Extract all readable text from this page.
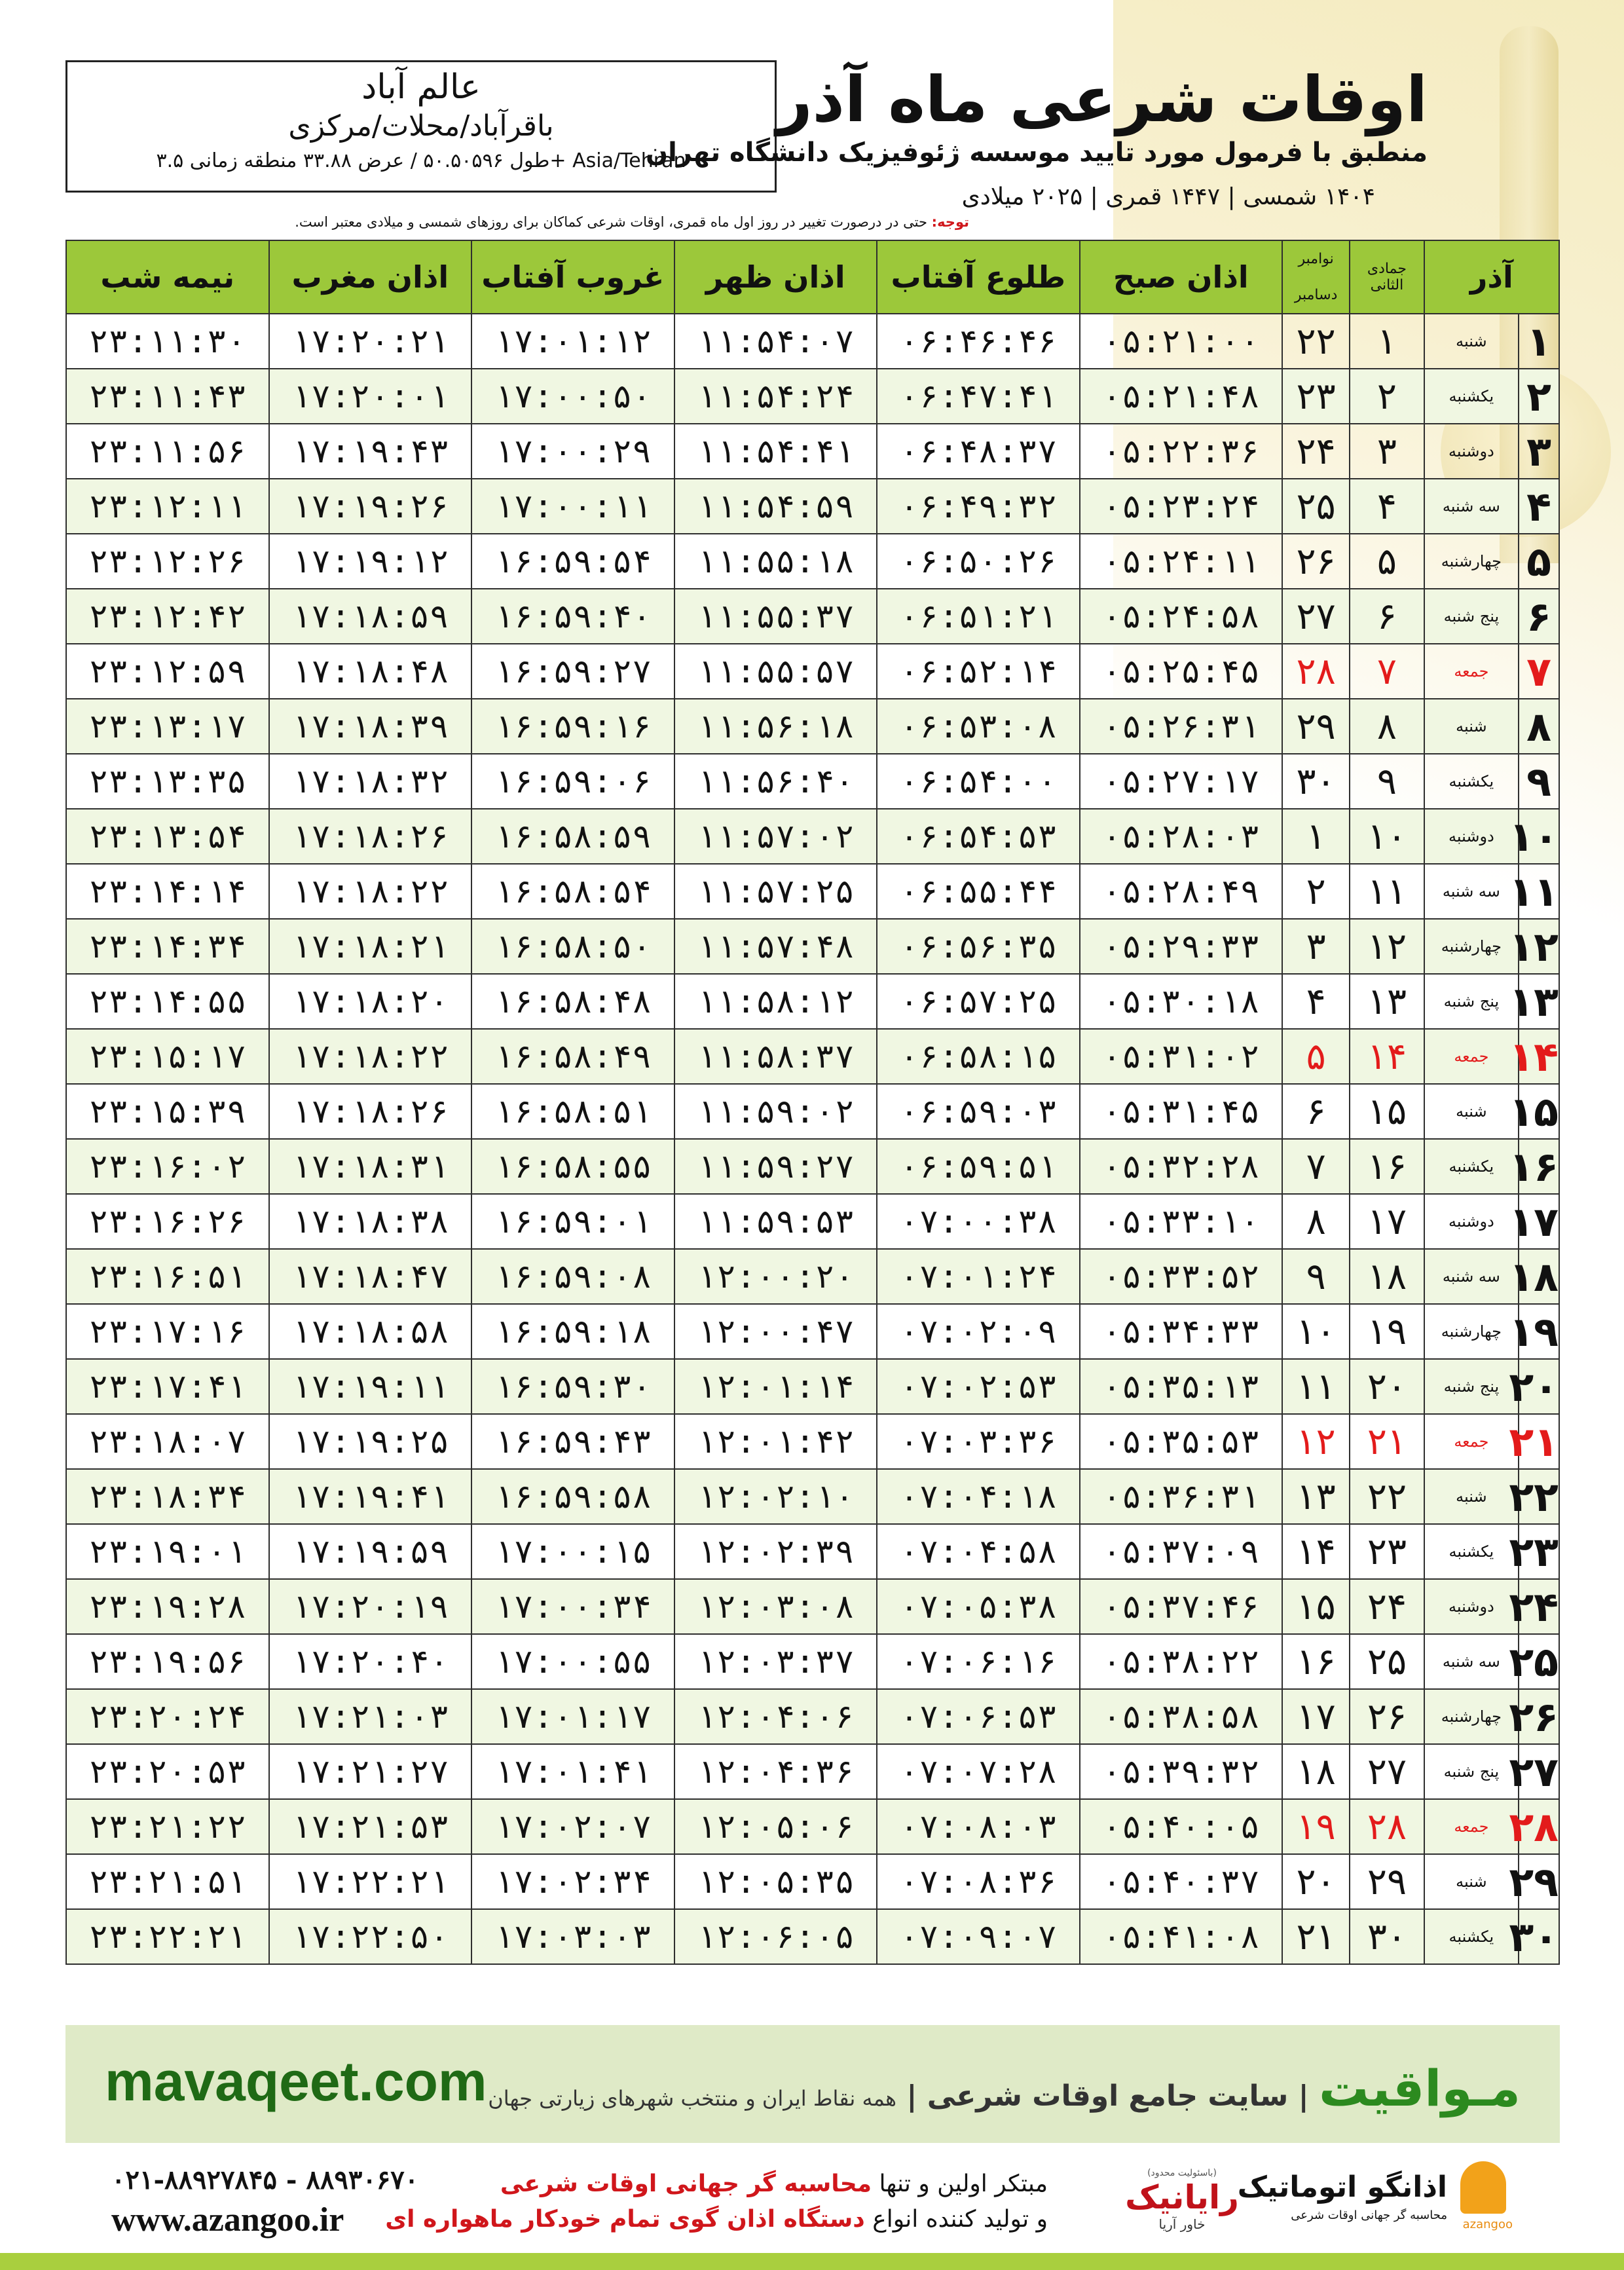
عالم آباد
باقرآباد/محلات/مرکزی
طول ۵۰.۵۰۵۹۶ / عرض ۳۳.۸۸ منطقه زمانی ۳.۵+ Asia/Tehran
اوقات شرعی ماه آذر
منطبق با فرمول مورد تایید موسسه ژئوفیزیک دانشگاه تهران
۱۴۰۴ شمسی | ۱۴۴۷ قمری | ۲۰۲۵ میلادی
توجه: حتی در درصورت تغییر در روز اول ماه قمری، اوقات شرعی کماکان برای روزهای شمسی و میلادی معتبر است.
آذر		جمادی الثانی	نوامبر
دسامبر	اذان صبح	طلوع آفتاب	اذان ظهر	غروب آفتاب	اذان مغرب	نیمه شب
۱	شنبه	۱	۲۲	۰۵:۲۱:۰۰	۰۶:۴۶:۴۶	۱۱:۵۴:۰۷	۱۷:۰۱:۱۲	۱۷:۲۰:۲۱	۲۳:۱۱:۳۰
۲	یکشنبه	۲	۲۳	۰۵:۲۱:۴۸	۰۶:۴۷:۴۱	۱۱:۵۴:۲۴	۱۷:۰۰:۵۰	۱۷:۲۰:۰۱	۲۳:۱۱:۴۳
۳	دوشنبه	۳	۲۴	۰۵:۲۲:۳۶	۰۶:۴۸:۳۷	۱۱:۵۴:۴۱	۱۷:۰۰:۲۹	۱۷:۱۹:۴۳	۲۳:۱۱:۵۶
۴	سه شنبه	۴	۲۵	۰۵:۲۳:۲۴	۰۶:۴۹:۳۲	۱۱:۵۴:۵۹	۱۷:۰۰:۱۱	۱۷:۱۹:۲۶	۲۳:۱۲:۱۱
۵	چهارشنبه	۵	۲۶	۰۵:۲۴:۱۱	۰۶:۵۰:۲۶	۱۱:۵۵:۱۸	۱۶:۵۹:۵۴	۱۷:۱۹:۱۲	۲۳:۱۲:۲۶
۶	پنج شنبه	۶	۲۷	۰۵:۲۴:۵۸	۰۶:۵۱:۲۱	۱۱:۵۵:۳۷	۱۶:۵۹:۴۰	۱۷:۱۸:۵۹	۲۳:۱۲:۴۲
۷	جمعه	۷	۲۸	۰۵:۲۵:۴۵	۰۶:۵۲:۱۴	۱۱:۵۵:۵۷	۱۶:۵۹:۲۷	۱۷:۱۸:۴۸	۲۳:۱۲:۵۹
۸	شنبه	۸	۲۹	۰۵:۲۶:۳۱	۰۶:۵۳:۰۸	۱۱:۵۶:۱۸	۱۶:۵۹:۱۶	۱۷:۱۸:۳۹	۲۳:۱۳:۱۷
۹	یکشنبه	۹	۳۰	۰۵:۲۷:۱۷	۰۶:۵۴:۰۰	۱۱:۵۶:۴۰	۱۶:۵۹:۰۶	۱۷:۱۸:۳۲	۲۳:۱۳:۳۵
۱۰	دوشنبه	۱۰	۱	۰۵:۲۸:۰۳	۰۶:۵۴:۵۳	۱۱:۵۷:۰۲	۱۶:۵۸:۵۹	۱۷:۱۸:۲۶	۲۳:۱۳:۵۴
۱۱	سه شنبه	۱۱	۲	۰۵:۲۸:۴۹	۰۶:۵۵:۴۴	۱۱:۵۷:۲۵	۱۶:۵۸:۵۴	۱۷:۱۸:۲۲	۲۳:۱۴:۱۴
۱۲	چهارشنبه	۱۲	۳	۰۵:۲۹:۳۳	۰۶:۵۶:۳۵	۱۱:۵۷:۴۸	۱۶:۵۸:۵۰	۱۷:۱۸:۲۱	۲۳:۱۴:۳۴
۱۳	پنج شنبه	۱۳	۴	۰۵:۳۰:۱۸	۰۶:۵۷:۲۵	۱۱:۵۸:۱۲	۱۶:۵۸:۴۸	۱۷:۱۸:۲۰	۲۳:۱۴:۵۵
۱۴	جمعه	۱۴	۵	۰۵:۳۱:۰۲	۰۶:۵۸:۱۵	۱۱:۵۸:۳۷	۱۶:۵۸:۴۹	۱۷:۱۸:۲۲	۲۳:۱۵:۱۷
۱۵	شنبه	۱۵	۶	۰۵:۳۱:۴۵	۰۶:۵۹:۰۳	۱۱:۵۹:۰۲	۱۶:۵۸:۵۱	۱۷:۱۸:۲۶	۲۳:۱۵:۳۹
۱۶	یکشنبه	۱۶	۷	۰۵:۳۲:۲۸	۰۶:۵۹:۵۱	۱۱:۵۹:۲۷	۱۶:۵۸:۵۵	۱۷:۱۸:۳۱	۲۳:۱۶:۰۲
۱۷	دوشنبه	۱۷	۸	۰۵:۳۳:۱۰	۰۷:۰۰:۳۸	۱۱:۵۹:۵۳	۱۶:۵۹:۰۱	۱۷:۱۸:۳۸	۲۳:۱۶:۲۶
۱۸	سه شنبه	۱۸	۹	۰۵:۳۳:۵۲	۰۷:۰۱:۲۴	۱۲:۰۰:۲۰	۱۶:۵۹:۰۸	۱۷:۱۸:۴۷	۲۳:۱۶:۵۱
۱۹	چهارشنبه	۱۹	۱۰	۰۵:۳۴:۳۳	۰۷:۰۲:۰۹	۱۲:۰۰:۴۷	۱۶:۵۹:۱۸	۱۷:۱۸:۵۸	۲۳:۱۷:۱۶
۲۰	پنج شنبه	۲۰	۱۱	۰۵:۳۵:۱۳	۰۷:۰۲:۵۳	۱۲:۰۱:۱۴	۱۶:۵۹:۳۰	۱۷:۱۹:۱۱	۲۳:۱۷:۴۱
۲۱	جمعه	۲۱	۱۲	۰۵:۳۵:۵۳	۰۷:۰۳:۳۶	۱۲:۰۱:۴۲	۱۶:۵۹:۴۳	۱۷:۱۹:۲۵	۲۳:۱۸:۰۷
۲۲	شنبه	۲۲	۱۳	۰۵:۳۶:۳۱	۰۷:۰۴:۱۸	۱۲:۰۲:۱۰	۱۶:۵۹:۵۸	۱۷:۱۹:۴۱	۲۳:۱۸:۳۴
۲۳	یکشنبه	۲۳	۱۴	۰۵:۳۷:۰۹	۰۷:۰۴:۵۸	۱۲:۰۲:۳۹	۱۷:۰۰:۱۵	۱۷:۱۹:۵۹	۲۳:۱۹:۰۱
۲۴	دوشنبه	۲۴	۱۵	۰۵:۳۷:۴۶	۰۷:۰۵:۳۸	۱۲:۰۳:۰۸	۱۷:۰۰:۳۴	۱۷:۲۰:۱۹	۲۳:۱۹:۲۸
۲۵	سه شنبه	۲۵	۱۶	۰۵:۳۸:۲۲	۰۷:۰۶:۱۶	۱۲:۰۳:۳۷	۱۷:۰۰:۵۵	۱۷:۲۰:۴۰	۲۳:۱۹:۵۶
۲۶	چهارشنبه	۲۶	۱۷	۰۵:۳۸:۵۸	۰۷:۰۶:۵۳	۱۲:۰۴:۰۶	۱۷:۰۱:۱۷	۱۷:۲۱:۰۳	۲۳:۲۰:۲۴
۲۷	پنج شنبه	۲۷	۱۸	۰۵:۳۹:۳۲	۰۷:۰۷:۲۸	۱۲:۰۴:۳۶	۱۷:۰۱:۴۱	۱۷:۲۱:۲۷	۲۳:۲۰:۵۳
۲۸	جمعه	۲۸	۱۹	۰۵:۴۰:۰۵	۰۷:۰۸:۰۳	۱۲:۰۵:۰۶	۱۷:۰۲:۰۷	۱۷:۲۱:۵۳	۲۳:۲۱:۲۲
۲۹	شنبه	۲۹	۲۰	۰۵:۴۰:۳۷	۰۷:۰۸:۳۶	۱۲:۰۵:۳۵	۱۷:۰۲:۳۴	۱۷:۲۲:۲۱	۲۳:۲۱:۵۱
۳۰	یکشنبه	۳۰	۲۱	۰۵:۴۱:۰۸	۰۷:۰۹:۰۷	۱۲:۰۶:۰۵	۱۷:۰۳:۰۳	۱۷:۲۲:۵۰	۲۳:۲۲:۲۱
mavaqeet.com	مـواقیت | سایت جامع اوقات شرعی | همه نقاط ایران و منتخب شهرهای زیارتی جهان
۰۲۱-۸۸۹۲۷۸۴۵ - ۸۸۹۳۰۶۷۰
www.azangoo.ir
مبتکر اولین و تنها محاسبه گر جهانی اوقات شرعی
و تولید کننده انواع دستگاه اذان گوی تمام خودکار ماهواره ای
(باسئولیت محدود)
رایانیک
خاور آریا
اذانگو اتوماتیک
محاسبه گر جهانی اوقات شرعی
azangoo
